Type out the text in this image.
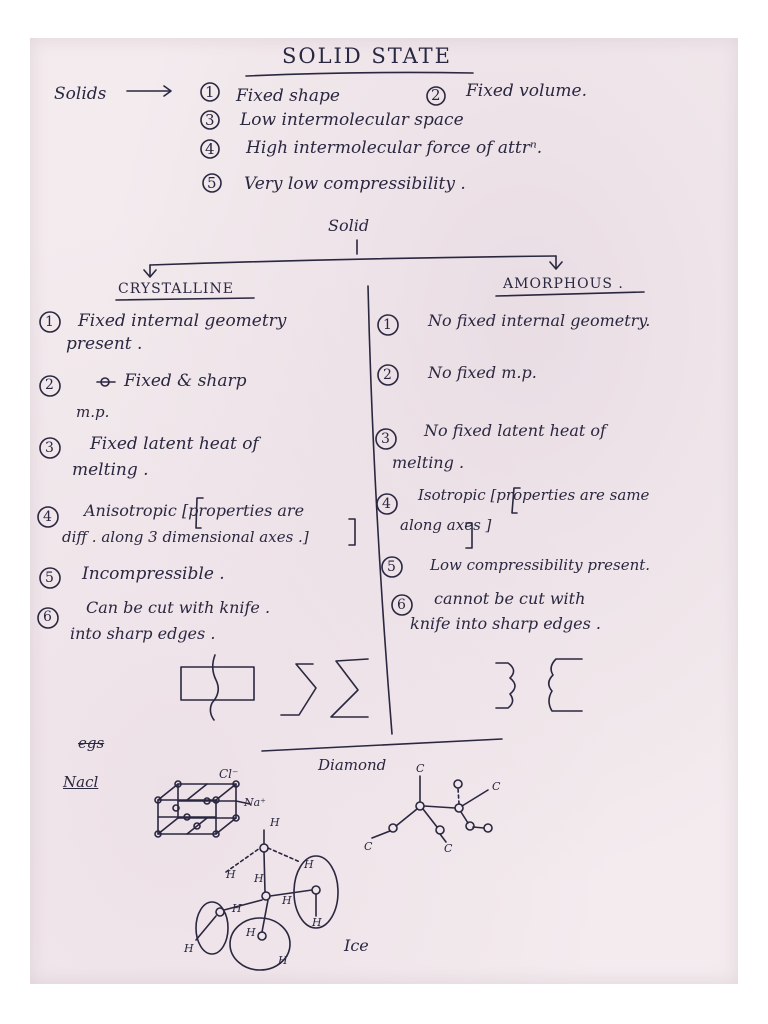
SOLID STATE
Solids	1 Fixed shape	2 Fixed volume.
3 Low intermolecular space
4 High intermolecular force of attrⁿ.
5 Very low compressibility .
Solid
CRYSTALLINE	AMORPHOUS .
1 Fixed internal geometry
present .
2	Fixed & sharp
m.p.
3 Fixed latent heat of
melting .
4 Anisotropic [properties are
diff . along 3 dimensional axes .]
5 Incompressible .
6 Can be cut with knife .
into sharp edges .
1 No fixed internal geometry.
2 No fixed m.p.
3 No fixed latent heat of
melting .
4 Isotropic [properties are same
along axes ]
5 Low compressibility present.
6 cannot be cut with
knife into sharp edges .
egs
Nacl
Diamond
Ice
Cl⁻
Na⁺
H
H
H
H
H
H
H
H
H
H
C
C
C	C
